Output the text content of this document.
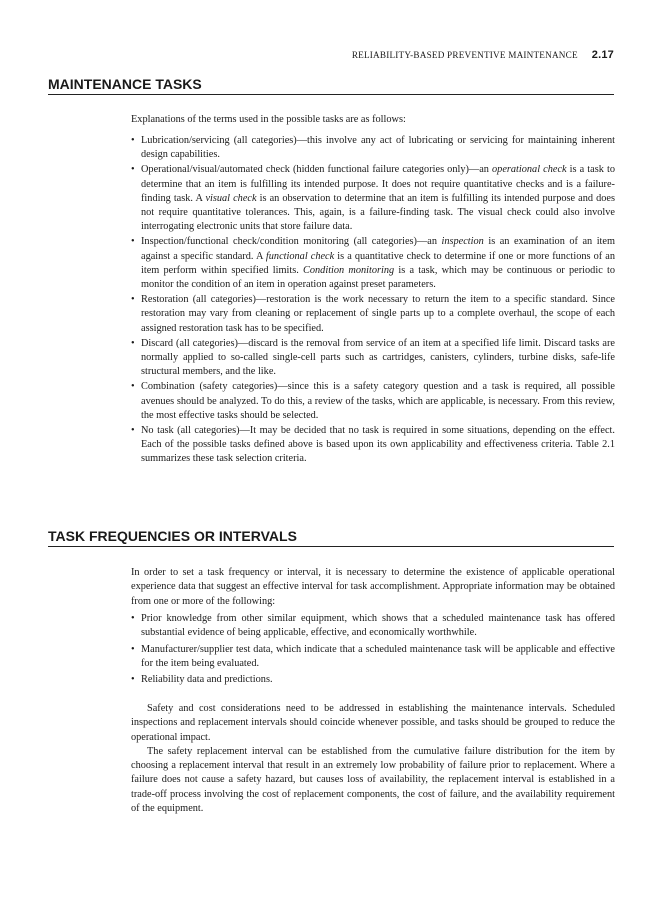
RELIABILITY-BASED PREVENTIVE MAINTENANCE 2.17
MAINTENANCE TASKS

Explanations of the terms used in the possible tasks are as follows:

• Lubrication/servicing (all categories)—this involve any act of lubricating or servicing for maintaining inherent design capabilities.
• Operational/visual/automated check (hidden functional failure categories only)—an operational check is a task to determine that an item is fulfilling its intended purpose. It does not require quantitative checks and is a failure-finding task. A visual check is an observation to determine that an item is fulfilling its intended purpose and does not require quantitative tolerances. This, again, is a failure-finding task. The visual check could also involve interrogating electronic units that store failure data.
• Inspection/functional check/condition monitoring (all categories)—an inspection is an examination of an item against a specific standard. A functional check is a quantitative check to determine if one or more functions of an item perform within specified limits. Condition monitoring is a task, which may be continuous or periodic to monitor the condition of an item in operation against preset parameters.
• Restoration (all categories)—restoration is the work necessary to return the item to a specific standard. Since restoration may vary from cleaning or replacement of single parts up to a complete overhaul, the scope of each assigned restoration task has to be specified.
• Discard (all categories)—discard is the removal from service of an item at a specified life limit. Discard tasks are normally applied to so-called single-cell parts such as cartridges, canisters, cylinders, turbine disks, safe-life structural members, and the like.
• Combination (safety categories)—since this is a safety category question and a task is required, all possible avenues should be analyzed. To do this, a review of the tasks, which are applicable, is necessary. From this review, the most effective tasks should be selected.
• No task (all categories)—It may be decided that no task is required in some situations, depending on the effect. Each of the possible tasks defined above is based upon its own applicability and effectiveness criteria. Table 2.1 summarizes these task selection criteria.
TASK FREQUENCIES OR INTERVALS

In order to set a task frequency or interval, it is necessary to determine the existence of applicable operational experience data that suggest an effective interval for task accomplishment. Appropriate information may be obtained from one or more of the following:

• Prior knowledge from other similar equipment, which shows that a scheduled maintenance task has offered substantial evidence of being applicable, effective, and economically worthwhile.
• Manufacturer/supplier test data, which indicate that a scheduled maintenance task will be applicable and effective for the item being evaluated.
• Reliability data and predictions.

Safety and cost considerations need to be addressed in establishing the maintenance intervals. Scheduled inspections and replacement intervals should coincide whenever possible, and tasks should be grouped to reduce the operational impact.

The safety replacement interval can be established from the cumulative failure distribution for the item by choosing a replacement interval that result in an extremely low probability of failure prior to replacement. Where a failure does not cause a safety hazard, but causes loss of availability, the replacement interval is established in a trade-off process involving the cost of replacement components, the cost of failure, and the availability requirement of the equipment.
